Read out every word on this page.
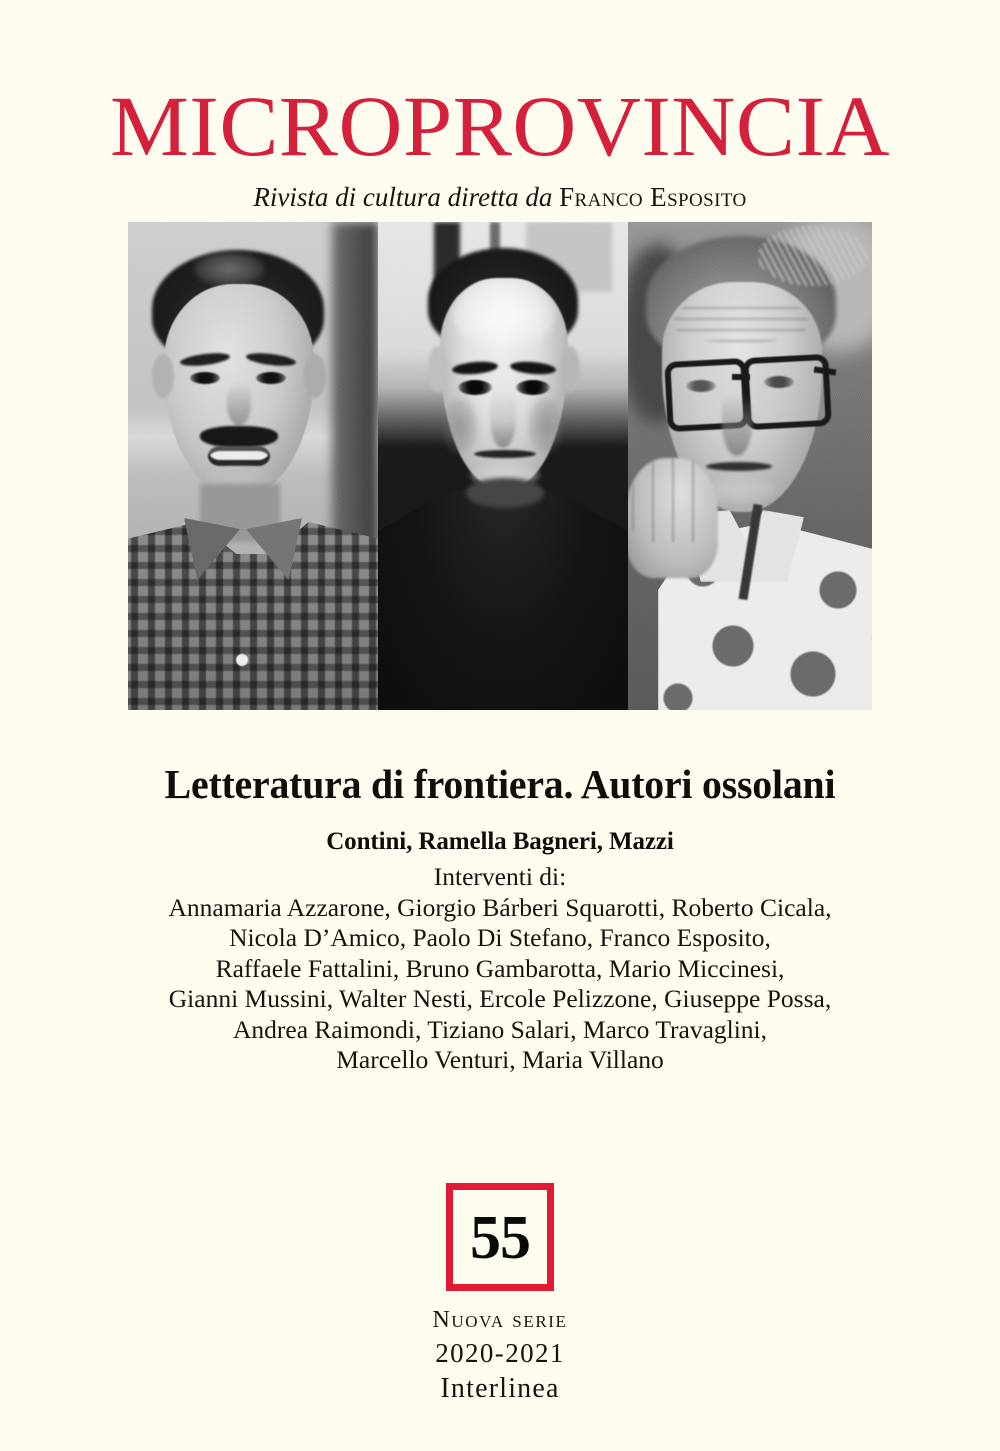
MICROPROVINCIA
Rivista di cultura diretta da Franco Esposito
Letteratura di frontiera. Autori ossolani
Contini, Ramella Bagneri, Mazzi
Interventi di:
Annamaria Azzarone, Giorgio Bárberi Squarotti, Roberto Cicala,
Nicola D’Amico, Paolo Di Stefano, Franco Esposito,
Raffaele Fattalini, Bruno Gambarotta, Mario Miccinesi,
Gianni Mussini, Walter Nesti, Ercole Pelizzone, Giuseppe Possa,
Andrea Raimondi, Tiziano Salari, Marco Travaglini,
Marcello Venturi, Maria Villano
55
Nuova serie
2020-2021
Interlinea
